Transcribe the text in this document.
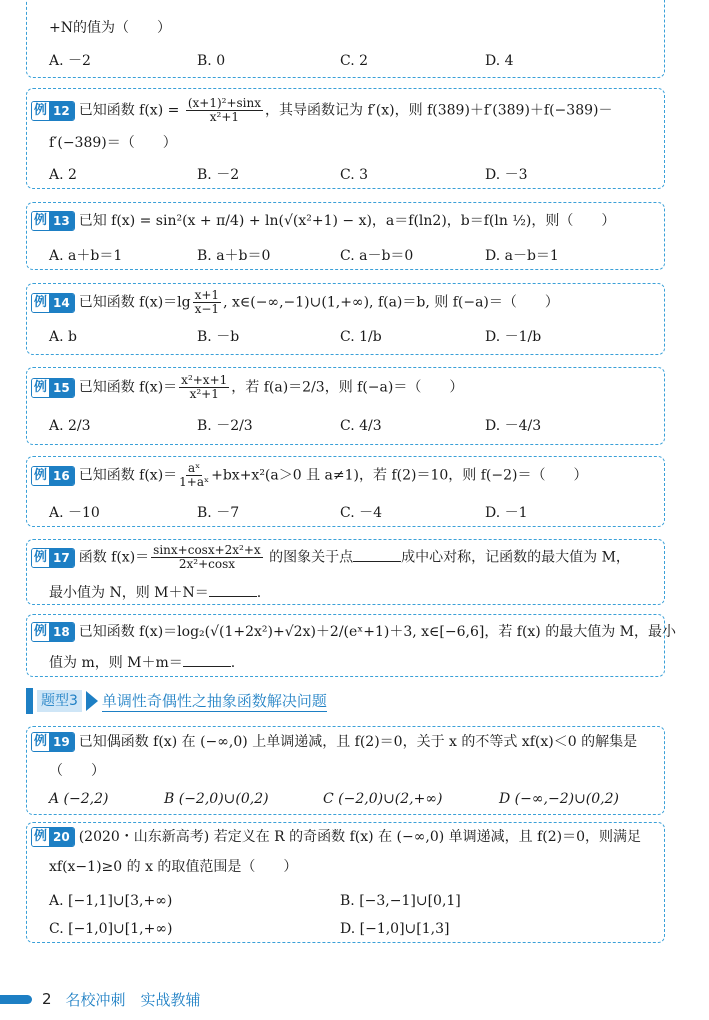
+N的值为（　　）
A. －2	B. 0	C. 2	D. 4
例 12 已知函数 $f(x) = \frac{\text{(x+1)²+sinx}}{\text{x²+1}}$ ，其导函数记为 f′(x)，则 f(389)＋f′(389)＋f(−389)－
f′(−389)＝（　　）
A. 2	B. －2	C. 3	D. －3
例 13 已知 f(x) = sin²(x + π/4) + ln(√(x²+1) − x)，a＝f(ln2)，b＝f(ln ½)，则（　　）
A. a＋b＝1	B. a＋b＝0	C. a－b＝0	D. a－b＝1
例 14 已知函数 $f(x)=\lg \frac{x+1}{x-1}$ , x∈(−∞,−1)∪(1,+∞), f(a)＝b, 则 f(−a)＝（　　）
A. b	B. －b	C. 1/b	D. －1/b
例 15 已知函数 $f(x)= \frac{\text{x²+x+1}}{\text{x²+1}}$ ，若 f(a)＝2/3，则 f(−a)＝（　　）
A. 2/3	B. －2/3	C. 4/3	D. －4/3
例 16 已知函数 $f(x)= \frac{\text{aˣ}}{\text{1+aˣ}} +bx+x^2(a>0$ 且 a≠1)，若 f(2)＝10，则 f(−2)＝（　　）
A. －10	B. －7	C. －4	D. －1
例 17 函数 $f(x)= \frac{\text{sinx+cosx+2x²+x}}{\text{2x²+cosx}}$ 的图象关于点	成中心对称，记函数的最大值为 M，
最小值为 N，则 M＋N＝	.
例 18 已知函数 f(x)＝log₂(√(1+2x²)+√2x)＋2/(eˣ+1)＋3, x∈[−6,6]，若 f(x) 的最大值为 M，最小
值为 m，则 M＋m＝	.
题型3 单调性奇偶性之抽象函数解决问题
例 19 已知偶函数 f(x) 在 (−∞,0) 上单调递减，且 f(2)＝0，关于 x 的不等式 xf(x)＜0 的解集是
（　　）
A (−2,2)	B (−2,0)∪(0,2)	C (−2,0)∪(2,+∞)	D (−∞,−2)∪(0,2)
例 20 (2020・山东新高考) 若定义在 R 的奇函数 f(x) 在 (−∞,0) 单调递减，且 f(2)＝0，则满足
xf(x−1)≥0 的 x 的取值范围是（　　）
A. [−1,1]∪[3,+∞)	B. [−3,−1]∪[0,1]
C. [−1,0]∪[1,+∞)	D. [−1,0]∪[1,3]
2 名校冲刺　实战教辅
